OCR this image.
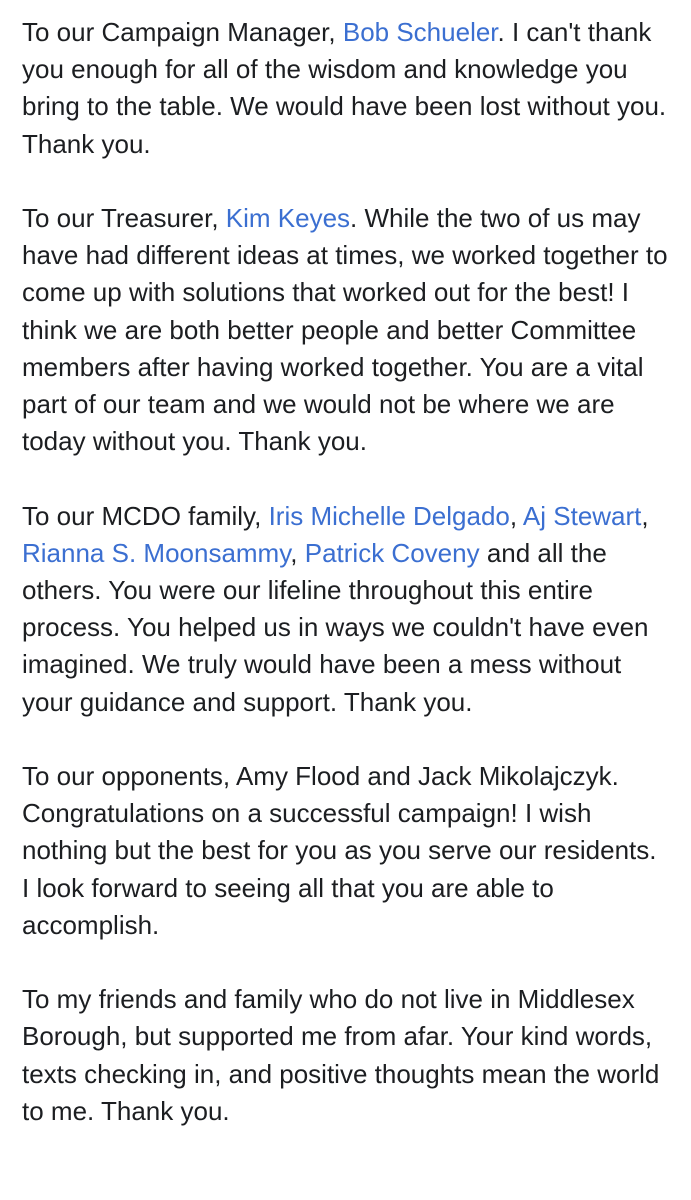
To our Campaign Manager, Bob Schueler. I can't thank you enough for all of the wisdom and knowledge you bring to the table. We would have been lost without you. Thank you.

To our Treasurer, Kim Keyes. While the two of us may have had different ideas at times, we worked together to come up with solutions that worked out for the best! I think we are both better people and better Committee members after having worked together. You are a vital part of our team and we would not be where we are today without you. Thank you.

To our MCDO family, Iris Michelle Delgado, Aj Stewart, Rianna S. Moonsammy, Patrick Coveny and all the others. You were our lifeline throughout this entire process. You helped us in ways we couldn't have even imagined. We truly would have been a mess without your guidance and support. Thank you.

To our opponents, Amy Flood and Jack Mikolajczyk. Congratulations on a successful campaign! I wish nothing but the best for you as you serve our residents. I look forward to seeing all that you are able to accomplish.

To my friends and family who do not live in Middlesex Borough, but supported me from afar. Your kind words, texts checking in, and positive thoughts mean the world to me. Thank you.
